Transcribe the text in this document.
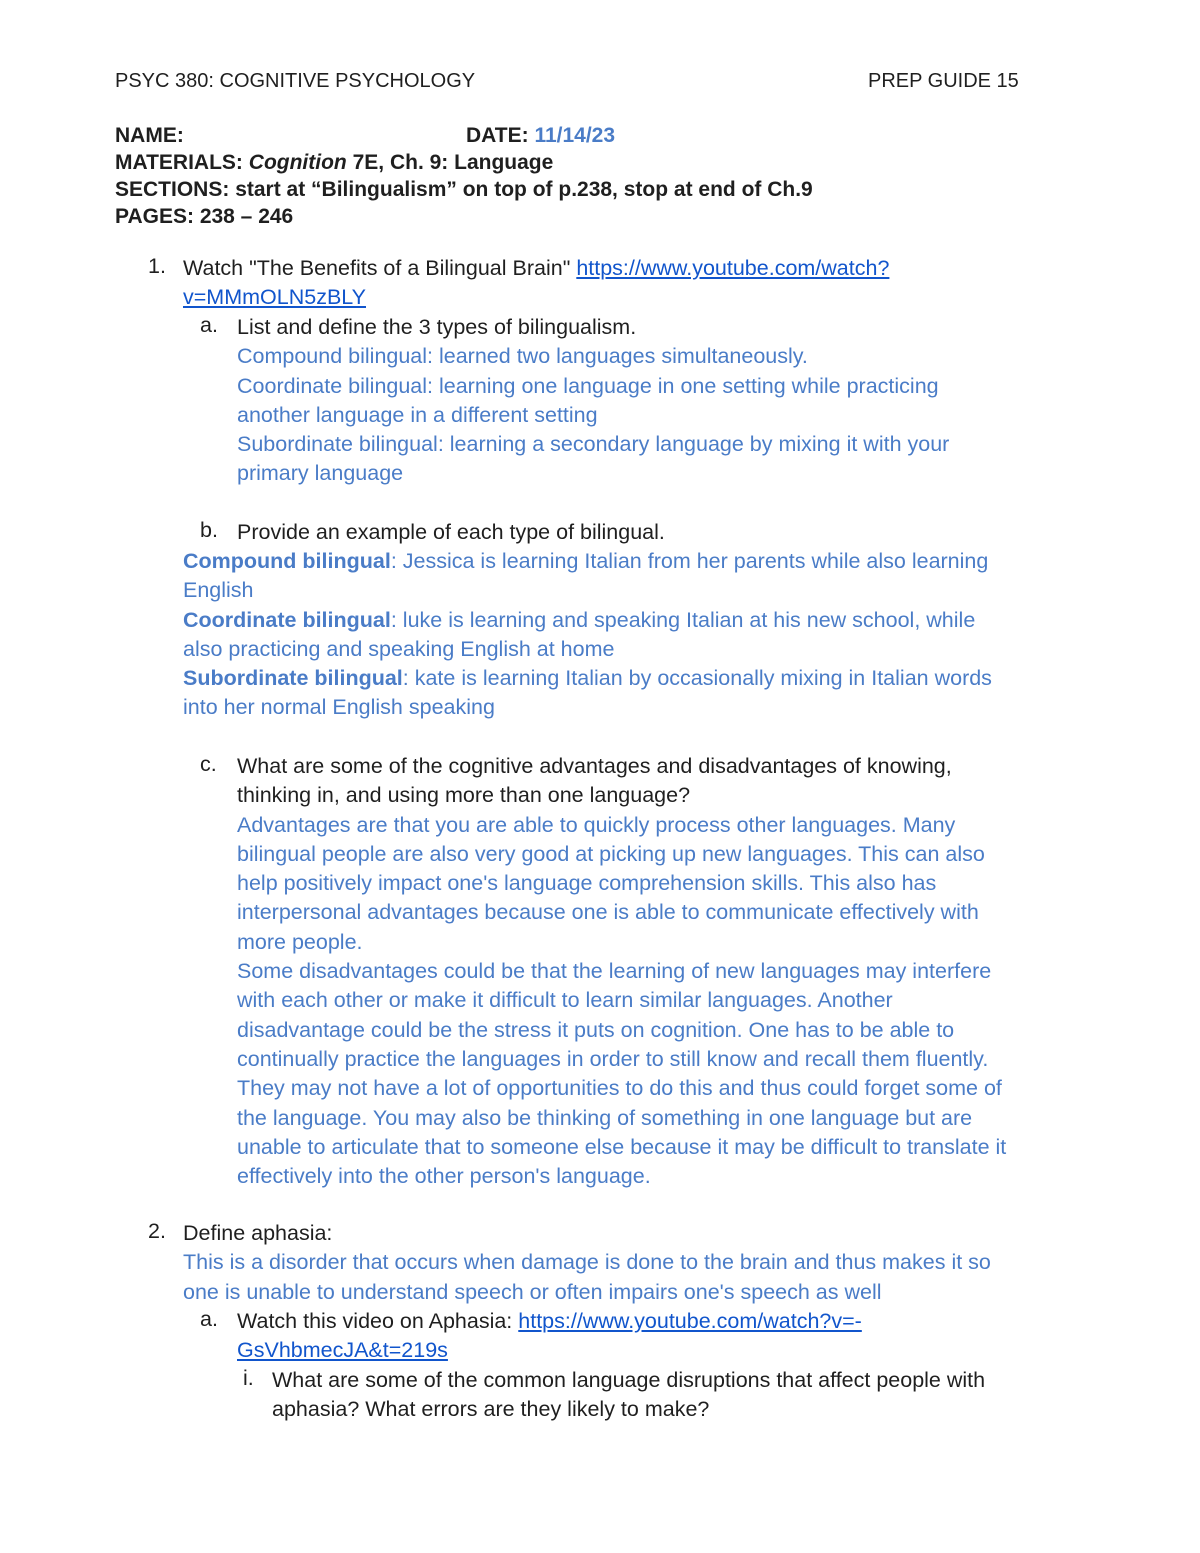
PSYC 380: COGNITIVE PSYCHOLOGY	PREP GUIDE 15
NAME:	DATE: 11/14/23
MATERIALS: Cognition 7E, Ch. 9: Language
SECTIONS: start at “Bilingualism” on top of p.238, stop at end of Ch.9
PAGES: 238 – 246
1. Watch "The Benefits of a Bilingual Brain" https://www.youtube.com/watch?
v=MMmOLN5zBLY
a. List and define the 3 types of bilingualism.
Compound bilingual: learned two languages simultaneously.
Coordinate bilingual: learning one language in one setting while practicing
another language in a different setting
Subordinate bilingual: learning a secondary language by mixing it with your
primary language
b. Provide an example of each type of bilingual.
Compound bilingual: Jessica is learning Italian from her parents while also learning
English
Coordinate bilingual: luke is learning and speaking Italian at his new school, while
also practicing and speaking English at home
Subordinate bilingual: kate is learning Italian by occasionally mixing in Italian words
into her normal English speaking
c. What are some of the cognitive advantages and disadvantages of knowing,
thinking in, and using more than one language?
Advantages are that you are able to quickly process other languages. Many
bilingual people are also very good at picking up new languages. This can also
help positively impact one's language comprehension skills. This also has
interpersonal advantages because one is able to communicate effectively with
more people.
Some disadvantages could be that the learning of new languages may interfere
with each other or make it difficult to learn similar languages. Another
disadvantage could be the stress it puts on cognition. One has to be able to
continually practice the languages in order to still know and recall them fluently.
They may not have a lot of opportunities to do this and thus could forget some of
the language. You may also be thinking of something in one language but are
unable to articulate that to someone else because it may be difficult to translate it
effectively into the other person's language.
2. Define aphasia:
This is a disorder that occurs when damage is done to the brain and thus makes it so
one is unable to understand speech or often impairs one's speech as well
a. Watch this video on Aphasia: https://www.youtube.com/watch?v=-
GsVhbmecJA&t=219s
i. What are some of the common language disruptions that affect people with
aphasia? What errors are they likely to make?
